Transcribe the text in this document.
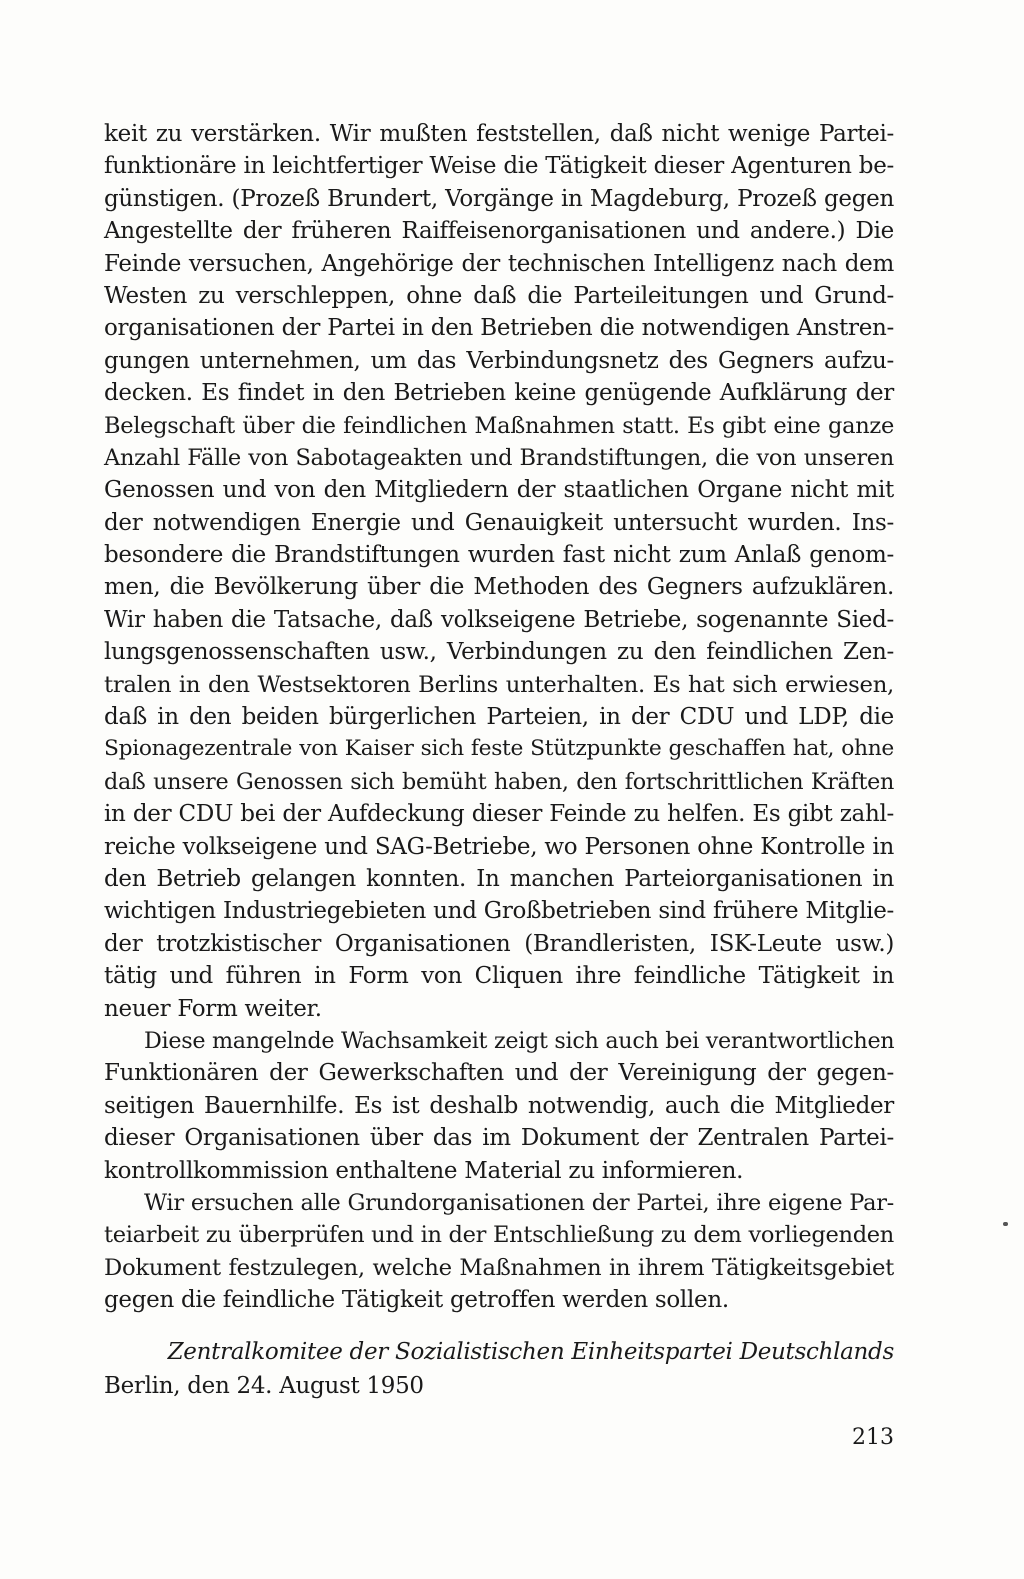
keit zu verstärken. Wir mußten feststellen, daß nicht wenige Partei-
funktionäre in leichtfertiger Weise die Tätigkeit dieser Agenturen be-
günstigen. (Prozeß Brundert, Vorgänge in Magdeburg, Prozeß gegen
Angestellte der früheren Raiffeisenorganisationen und andere.) Die
Feinde versuchen, Angehörige der technischen Intelligenz nach dem
Westen zu verschleppen, ohne daß die Parteileitungen und Grund-
organisationen der Partei in den Betrieben die notwendigen Anstren-
gungen unternehmen, um das Verbindungsnetz des Gegners aufzu-
decken. Es findet in den Betrieben keine genügende Aufklärung der
Belegschaft über die feindlichen Maßnahmen statt. Es gibt eine ganze
Anzahl Fälle von Sabotageakten und Brandstiftungen, die von unseren
Genossen und von den Mitgliedern der staatlichen Organe nicht mit
der notwendigen Energie und Genauigkeit untersucht wurden. Ins-
besondere die Brandstiftungen wurden fast nicht zum Anlaß genom-
men, die Bevölkerung über die Methoden des Gegners aufzuklären.
Wir haben die Tatsache, daß volkseigene Betriebe, sogenannte Sied-
lungsgenossenschaften usw., Verbindungen zu den feindlichen Zen-
tralen in den Westsektoren Berlins unterhalten. Es hat sich erwiesen,
daß in den beiden bürgerlichen Parteien, in der CDU und LDP, die
Spionagezentrale von Kaiser sich feste Stützpunkte geschaffen hat, ohne
daß unsere Genossen sich bemüht haben, den fortschrittlichen Kräften
in der CDU bei der Aufdeckung dieser Feinde zu helfen. Es gibt zahl-
reiche volkseigene und SAG-Betriebe, wo Personen ohne Kontrolle in
den Betrieb gelangen konnten. In manchen Parteiorganisationen in
wichtigen Industriegebieten und Großbetrieben sind frühere Mitglie-
der trotzkistischer Organisationen (Brandleristen, ISK-Leute usw.)
tätig und führen in Form von Cliquen ihre feindliche Tätigkeit in
neuer Form weiter.
Diese mangelnde Wachsamkeit zeigt sich auch bei verantwortlichen
Funktionären der Gewerkschaften und der Vereinigung der gegen-
seitigen Bauernhilfe. Es ist deshalb notwendig, auch die Mitglieder
dieser Organisationen über das im Dokument der Zentralen Partei-
kontrollkommission enthaltene Material zu informieren.
Wir ersuchen alle Grundorganisationen der Partei, ihre eigene Par-
teiarbeit zu überprüfen und in der Entschließung zu dem vorliegenden
Dokument festzulegen, welche Maßnahmen in ihrem Tätigkeitsgebiet
gegen die feindliche Tätigkeit getroffen werden sollen.
Zentralkomitee der Sozialistischen Einheitspartei Deutschlands
Berlin, den 24. August 1950
213
